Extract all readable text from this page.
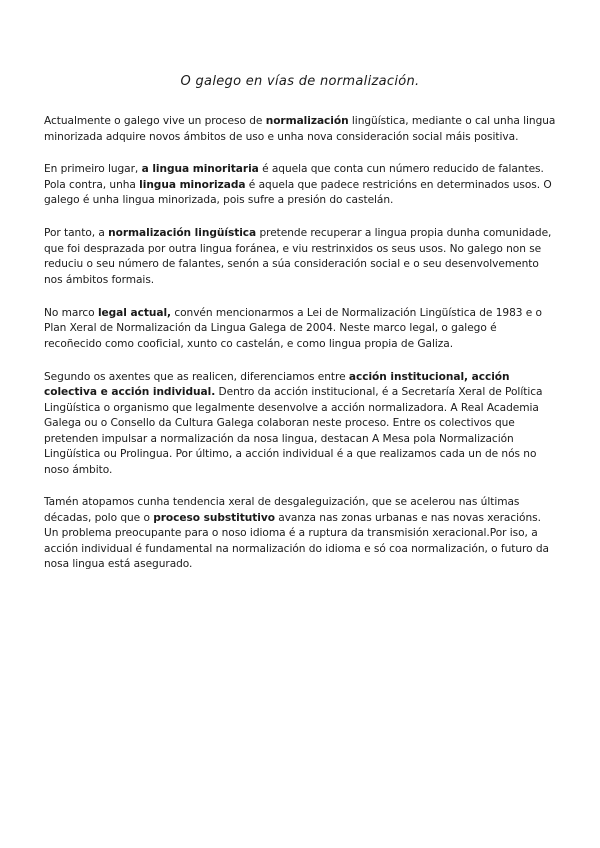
O galego en vías de normalización.

Actualmente o galego vive un proceso de normalización lingüística, mediante o cal unha lingua minorizada adquire novos ámbitos de uso e unha nova consideración social máis positiva.

En primeiro lugar, a lingua minoritaria é aquela que conta cun número reducido de falantes. Pola contra, unha lingua minorizada é aquela que padece restricións en determinados usos. O galego é unha lingua minorizada, pois sufre a presión do castelán.

Por tanto, a normalización lingüística pretende recuperar a lingua propia dunha comunidade, que foi desprazada por outra lingua foránea, e viu restrinxidos os seus usos. No galego non se reduciu o seu número de falantes, senón a súa consideración social e o seu desenvolvemento nos ámbitos formais.

No marco legal actual, convén mencionarmos a Lei de Normalización Lingüística de 1983 e o Plan Xeral de Normalización da Lingua Galega de 2004. Neste marco legal, o galego é recoñecido como cooficial, xunto co castelán, e como lingua propia de Galiza.

Segundo os axentes que as realicen, diferenciamos entre acción institucional, acción colectiva e acción individual. Dentro da acción institucional, é a Secretaría Xeral de Política Lingüística o organismo que legalmente desenvolve a acción normalizadora. A Real Academia Galega ou o Consello da Cultura Galega colaboran neste proceso. Entre os colectivos que pretenden impulsar a normalización da nosa lingua, destacan A Mesa pola Normalización Lingüística ou Prolingua. Por último, a acción individual é a que realizamos cada un de nós no noso ámbito.

Tamén atopamos cunha tendencia xeral de desgaleguización, que se acelerou nas últimas décadas, polo que o proceso substitutivo avanza nas zonas urbanas e nas novas xeracións. Un problema preocupante para o noso idioma é a ruptura da transmisión xeracional.Por iso, a acción individual é fundamental na normalización do idioma e só coa normalización, o futuro da nosa lingua está asegurado.
